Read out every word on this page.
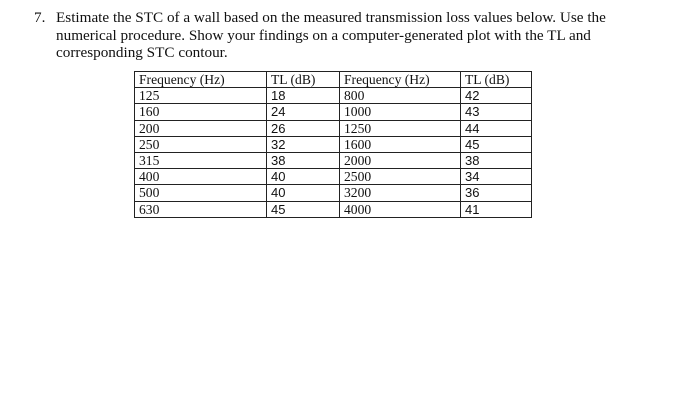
7. Estimate the STC of a wall based on the measured transmission loss values below. Use the
numerical procedure. Show your findings on a computer-generated plot with the TL and
corresponding STC contour.
Frequency (Hz)	TL (dB)	Frequency (Hz)	TL (dB)
125	18	800	42
160	24	1000	43
200	26	1250	44
250	32	1600	45
315	38	2000	38
400	40	2500	34
500	40	3200	36
630	45	4000	41
